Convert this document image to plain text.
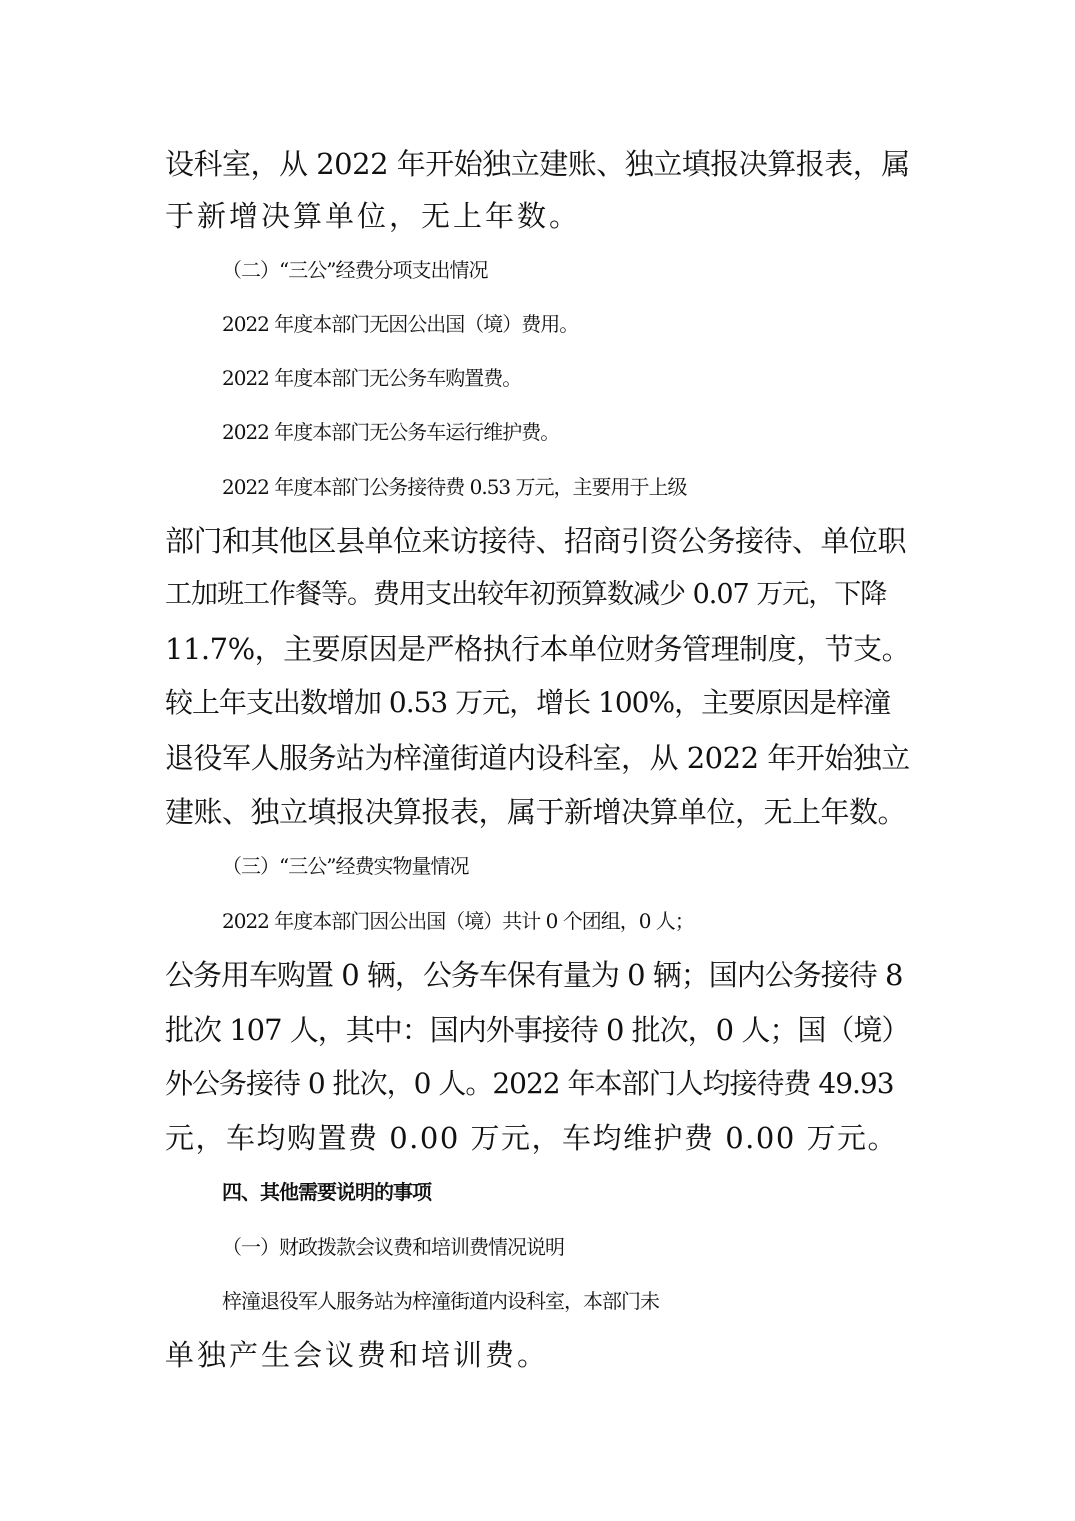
设科室，从 2022 年开始独立建账、独立填报决算报表，属
于新增决算单位，无上年数。
（二）“三公”经费分项支出情况
2022 年度本部门无因公出国（境）费用。
2022 年度本部门无公务车购置费。
2022 年度本部门无公务车运行维护费。
2022 年度本部门公务接待费 0.53 万元，主要用于上级
部门和其他区县单位来访接待、招商引资公务接待、单位职
工加班工作餐等。费用支出较年初预算数减少 0.07 万元，下降
11.7%，主要原因是严格执行本单位财务管理制度，节支。
较上年支出数增加 0.53 万元，增长 100%，主要原因是梓潼
退役军人服务站为梓潼街道内设科室，从 2022 年开始独立
建账、独立填报决算报表，属于新增决算单位，无上年数。
（三）“三公”经费实物量情况
2022 年度本部门因公出国（境）共计 0 个团组，0 人；
公务用车购置 0 辆，公务车保有量为 0 辆；国内公务接待 8
批次 107 人，其中：国内外事接待 0 批次，0 人；国（境）
外公务接待 0 批次，0 人。2022 年本部门人均接待费 49.93
元，车均购置费 0.00 万元，车均维护费 0.00 万元。
四、其他需要说明的事项
（一）财政拨款会议费和培训费情况说明
梓潼退役军人服务站为梓潼街道内设科室，本部门未
单独产生会议费和培训费。
